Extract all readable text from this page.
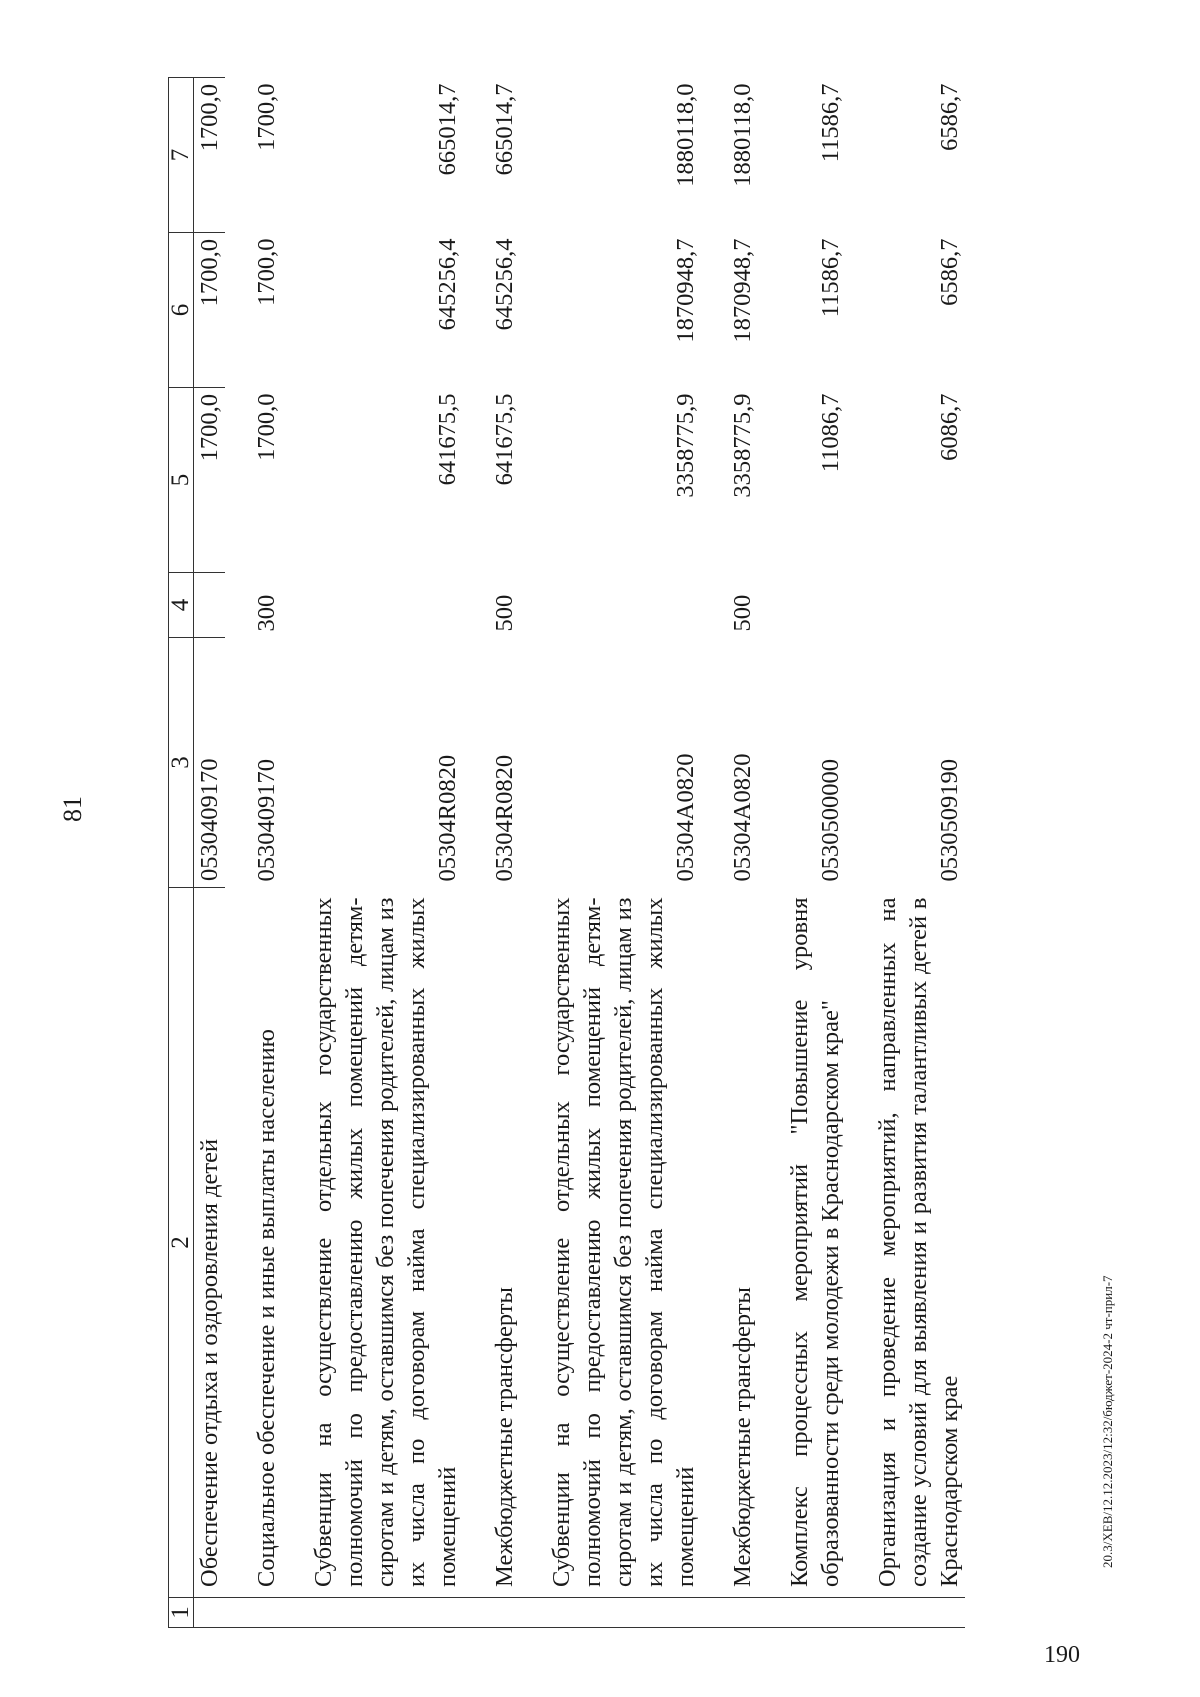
81
1	2	3	4	5	6	7
	Обеспечение отдыха и оздоровления детей	0530409170		1700,0	1700,0	1700,0
	Социальное обеспечение и иные выплаты населению	0530409170	300	1700,0	1700,0	1700,0
	Субвенции на осуществление отдельных государственных полномочий по предоставлению жилых помещений детям-сиротам и детям, оставшимся без попечения родителей, лицам из их числа по договорам найма специализированных жилых помещений	05304R0820		641675,5	645256,4	665014,7
	Межбюджетные трансферты	05304R0820	500	641675,5	645256,4	665014,7
	Субвенции на осуществление отдельных государственных полномочий по предоставлению жилых помещений детям-сиротам и детям, оставшимся без попечения родителей, лицам из их числа по договорам найма специализированных жилых помещений	05304A0820		3358775,9	1870948,7	1880118,0
	Межбюджетные трансферты	05304A0820	500	3358775,9	1870948,7	1880118,0
	Комплекс процессных мероприятий "Повышение уровня образованности среди молодежи в Краснодарском крае"	0530500000		11086,7	11586,7	11586,7
	Организация и проведение мероприятий, направленных на создание условий для выявления и развития талантливых детей в Краснодарском крае	0530509190		6086,7	6586,7	6586,7
20.3/ХЕВ/12.12.2023/12:32/бюджет-2024-2 чт-прил-7
190
